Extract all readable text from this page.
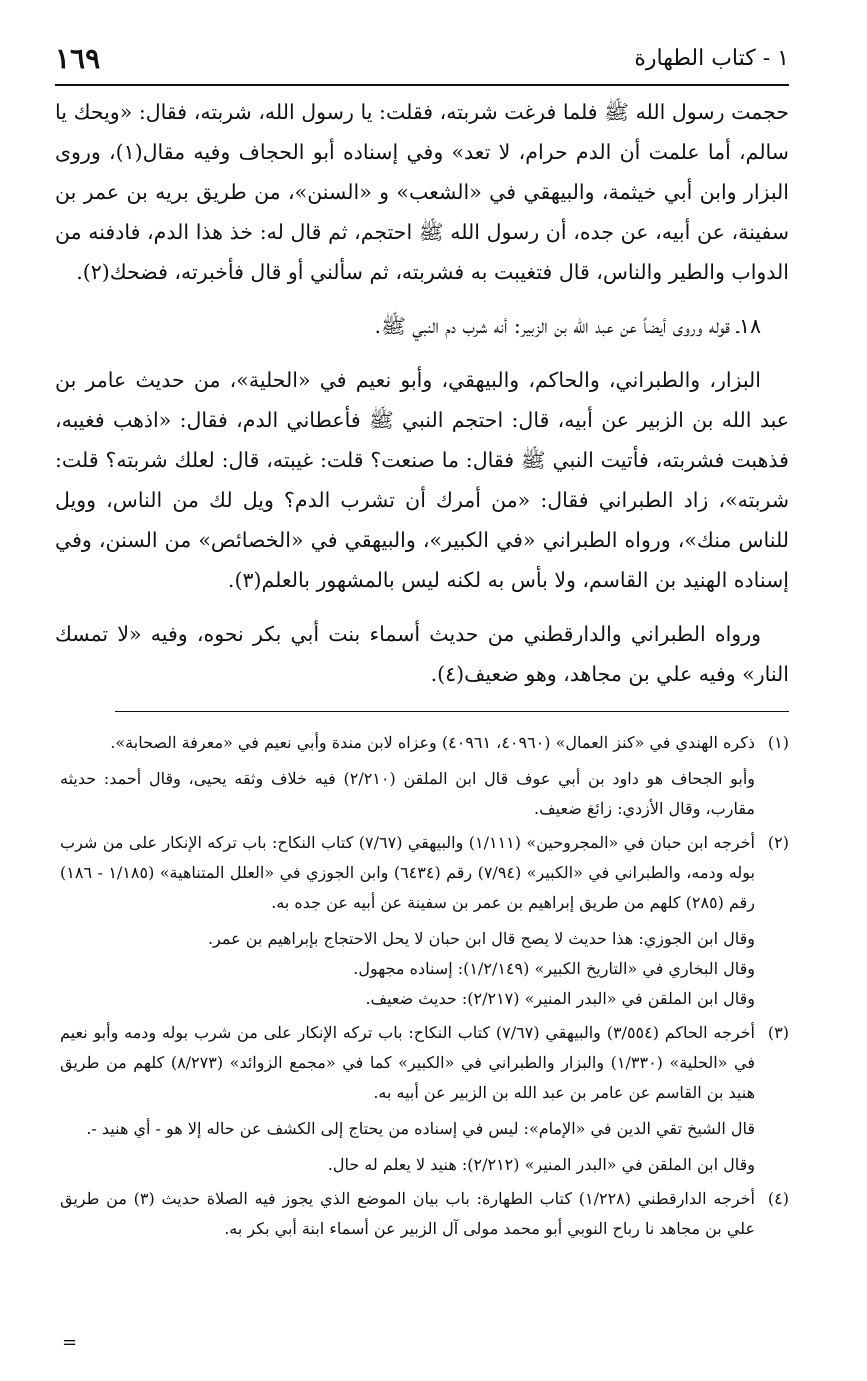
١ - كتاب الطهارة
١٦٩

حجمت رسول الله ﷺ فلما فرغت شربته، فقلت: يا رسول الله، شربته، فقال: «ويحك يا سالم، أما علمت أن الدم حرام، لا تعد» وفي إسناده أبو الحجاف وفيه مقال(١)، وروى البزار وابن أبي خيثمة، والبيهقي في «الشعب» و «السنن»، من طريق بريه بن عمر بن سفينة، عن أبيه، عن جده، أن رسول الله ﷺ احتجم، ثم قال له: خذ هذا الدم، فادفنه من الدواب والطير والناس، قال فتغيبت به فشربته، ثم سألني أو قال فأخبرته، فضحك(٢).

١٨ـ قوله وروى أيضاً عن عبد الله بن الزبير: أنه شرب دم النبي ﷺ.

البزار، والطبراني، والحاكم، والبيهقي، وأبو نعيم في «الحلية»، من حديث عامر بن عبد الله بن الزبير عن أبيه، قال: احتجم النبي ﷺ فأعطاني الدم، فقال: «اذهب فغيبه، فذهبت فشربته، فأتيت النبي ﷺ فقال: ما صنعت؟ قلت: غيبته، قال: لعلك شربته؟ قلت: شربته»، زاد الطبراني فقال: «من أمرك أن تشرب الدم؟ ويل لك من الناس، وويل للناس منك»، ورواه الطبراني «في الكبير»، والبيهقي في «الخصائص» من السنن، وفي إسناده الهنيد بن القاسم، ولا بأس به لكنه ليس بالمشهور بالعلم(٣).

ورواه الطبراني والدارقطني من حديث أسماء بنت أبي بكر نحوه، وفيه «لا تمسك النار» وفيه علي بن مجاهد، وهو ضعيف(٤).

(١)

ذكره الهندي في «كنز العمال» (٤٠٩٦٠، ٤٠٩٦١) وعزاه لابن مندة وأبي نعيم في «معرفة الصحابة».

وأبو الجحاف هو داود بن أبي عوف قال ابن الملقن (٢/٢١٠) فيه خلاف وثقه يحيى، وقال أحمد: حديثه مقارب، وقال الأزدي: زائغ ضعيف.

(٢)

أخرجه ابن حبان في «المجروحين» (١/١١١) والبيهقي (٧/٦٧) كتاب النكاح: باب تركه الإنكار على من شرب بوله ودمه، والطبراني في «الكبير» (٧/٩٤) رقم (٦٤٣٤) وابن الجوزي في «العلل المتناهية» (١/١٨٥ - ١٨٦) رقم (٢٨٥) كلهم من طريق إبراهيم بن عمر بن سفينة عن أبيه عن جده به.

وقال ابن الجوزي: هذا حديث لا يصح قال ابن حبان لا يحل الاحتجاج بإبراهيم بن عمر.

وقال البخاري في «التاريخ الكبير» (١/٢/١٤٩): إسناده مجهول.

وقال ابن الملقن في «البدر المنير» (٢/٢١٧): حديث ضعيف.

(٣)

أخرجه الحاكم (٣/٥٥٤) والبيهقي (٧/٦٧) كتاب النكاح: باب تركه الإنكار على من شرب بوله ودمه وأبو نعيم في «الحلية» (١/٣٣٠) والبزار والطبراني في «الكبير» كما في «مجمع الزوائد» (٨/٢٧٣) كلهم من طريق هنيد بن القاسم عن عامر بن عبد الله بن الزبير عن أبيه به.

قال الشيخ تقي الدين في «الإمام»: ليس في إسناده من يحتاج إلى الكشف عن حاله إلا هو - أي هنيد -.

وقال ابن الملقن في «البدر المنير» (٢/٢١٢): هنيد لا يعلم له حال.

(٤)

أخرجه الدارقطني (١/٢٢٨) كتاب الطهارة: باب بيان الموضع الذي يجوز فيه الصلاة حديث (٣) من طريق علي بن مجاهد نا رباح النوبي أبو محمد مولى آل الزبير عن أسماء ابنة أبي بكر به.

=
